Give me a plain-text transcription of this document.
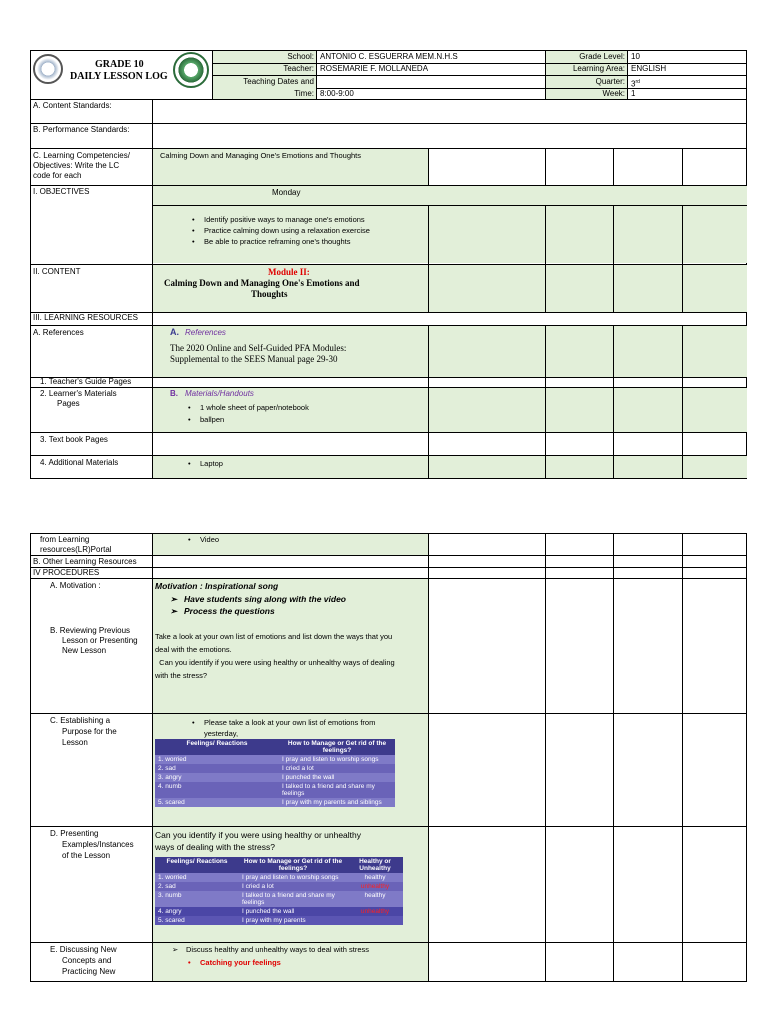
GRADE 10
DAILY LESSON LOG
School: ANTONIO C. ESGUERRA MEM.N.H.S
Teacher: ROSEMARIE F. MOLLANEDA
Teaching Dates and
Time: 8:00-9:00
Grade Level: 10
Learning Area: ENGLISH
Quarter: 3rd
Week: 1
A. Content Standards:
B. Performance Standards:
C. Learning Competencies/
Objectives: Write the LC
code for each
Calming Down and Managing One's Emotions and Thoughts
I. OBJECTIVES	Monday
• Identify positive ways to manage one's emotions
• Practice calming down using a relaxation exercise
• Be able to practice reframing one's thoughts
II. CONTENT	Module II:
Calming Down and Managing One's Emotions and
Thoughts
III. LEARNING RESOURCES
A. References	A. References
The 2020 Online and Self-Guided PFA Modules:
Supplemental to the SEES Manual page 29-30
1. Teacher's Guide Pages
2. Learner's Materials
Pages
B. Materials/Handouts
• 1 whole sheet of paper/notebook
• ballpen
3. Text book Pages
4. Additional Materials	• Laptop
from Learning
resources(LR)Portal
• Video
B. Other Learning Resources
IV PROCEDURES
A. Motivation :	Motivation : Inspirational song
➢ Have students sing along with the video
➢ Process the questions
B. Reviewing Previous
Lesson or Presenting
New Lesson
Take a look at your own list of emotions and list down the ways that you
deal with the emotions.
Can you identify if you were using healthy or unhealthy ways of dealing
with the stress?
C. Establishing a
Purpose for the
Lesson
• Please take a look at your own list of emotions from
yesterday,
Feelings/ Reactions	How to Manage or Get rid of the feelings?
1. worried	I pray and listen to worship songs
2. sad	I cried a lot
3. angry	I punched the wall
4. numb	I talked to a friend and share my feelings
5. scared	I pray with my parents and siblings
D. Presenting
Examples/Instances
of the Lesson
Can you identify if you were using healthy or unhealthy
ways of dealing with the stress?
Feelings/ Reactions	How to Manage or Get rid of the feelings?	Healthy or Unhealthy
1. worried	I pray and listen to worship songs	healthy
2. sad	I cried a lot	unhealthy
3. numb	I talked to a friend and share my feelings	healthy
4. angry	I punched the wall	unhealthy
5. scared	I pray with my parents	
E. Discussing New
Concepts and
Practicing New
➢ Discuss healthy and unhealthy ways to deal with stress
• Catching your feelings
